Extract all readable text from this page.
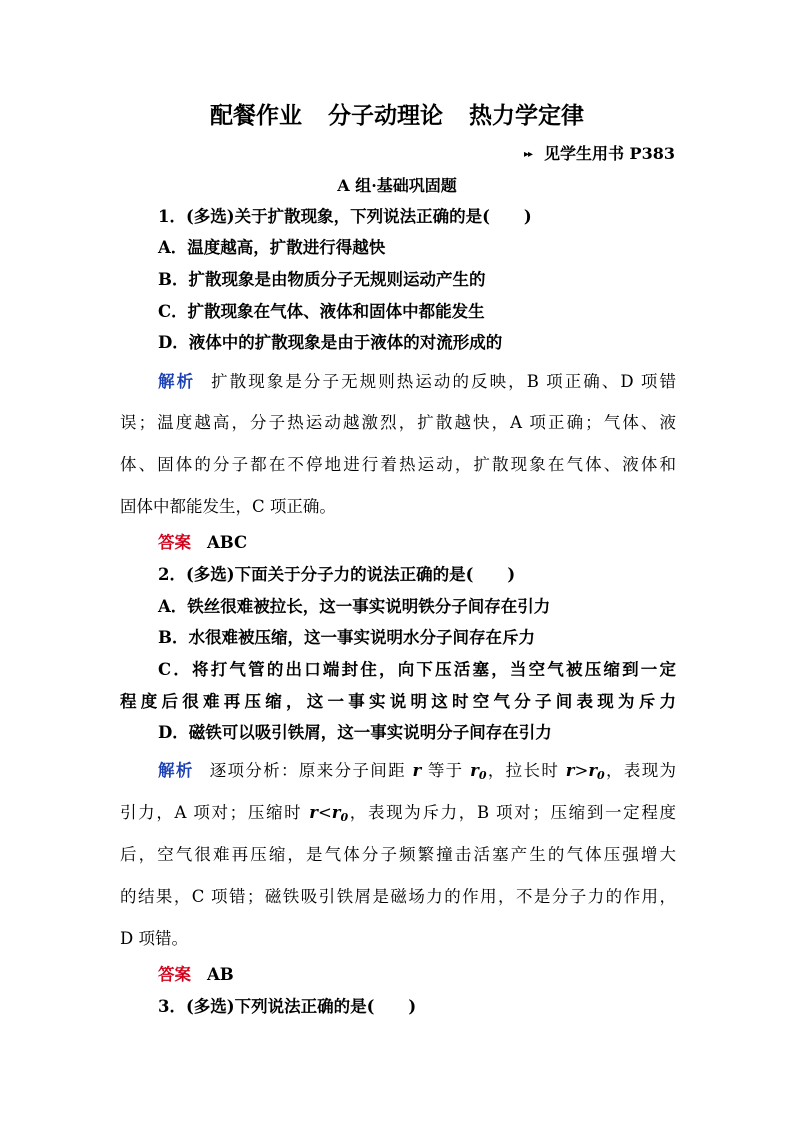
配餐作业 分子动理论 热力学定律
▸▸ 见学生用书 P383
A 组·基础巩固题
1．(多选)关于扩散现象，下列说法正确的是( )
A．温度越高，扩散进行得越快
B．扩散现象是由物质分子无规则运动产生的
C．扩散现象在气体、液体和固体中都能发生
D．液体中的扩散现象是由于液体的对流形成的
解析 扩散现象是分子无规则热运动的反映，B 项正确、D 项错
误；温度越高，分子热运动越激烈，扩散越快，A 项正确；气体、液
体、固体的分子都在不停地进行着热运动，扩散现象在气体、液体和
固体中都能发生，C 项正确。
答案 ABC
2．(多选)下面关于分子力的说法正确的是( )
A．铁丝很难被拉长，这一事实说明铁分子间存在引力
B．水很难被压缩，这一事实说明水分子间存在斥力
C．将打气管的出口端封住，向下压活塞，当空气被压缩到一定
程度后很难再压缩，这一事实说明这时空气分子间表现为斥力
D．磁铁可以吸引铁屑，这一事实说明分子间存在引力
解析 逐项分析：原来分子间距 r 等于 $r_0$，拉长时 $r>r_0$，表现为
引力，A 项对；压缩时 $r<r_0$，表现为斥力，B 项对；压缩到一定程度
后，空气很难再压缩，是气体分子频繁撞击活塞产生的气体压强增大
的结果，C 项错；磁铁吸引铁屑是磁场力的作用，不是分子力的作用，
D 项错。
答案 AB
3．(多选)下列说法正确的是( )
